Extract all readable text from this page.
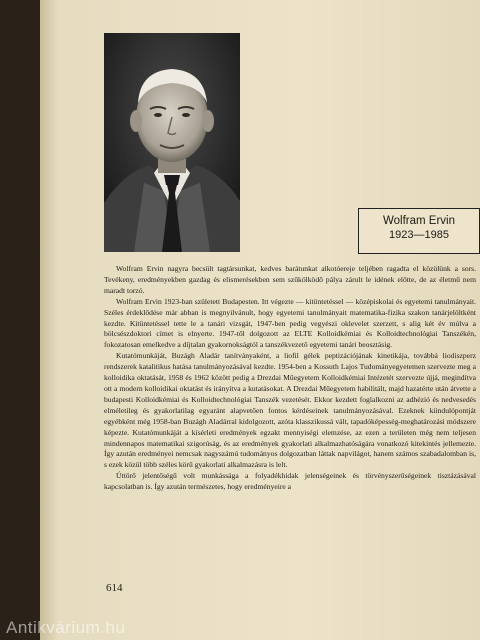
Wolfram Ervin
1923—1985

Wolfram Ervin nagyra becsült tagtársunkat, kedves barátunkat alkotóereje teljében ragadta el közülünk a sors. Tevékeny, eredményekben gazdag és elismerésekben sem szűkölködő pálya zárult le idének előtte, de az életmű nem maradt torzó.

Wolfram Ervin 1923-ban született Budapesten. Itt végezte — kitüntetéssel — középiskolai és egyetemi tanulmányait. Széles érdeklődése már abban is megnyilvánult, hogy egyetemi tanulmányait matematika-fizika szakon tanárjelöltként kezdte. Kitüntetéssel tette le a tanári vizsgát, 1947-ben pedig vegyészi oklevelet szerzett, s alig két év múlva a bölcsészdoktori címet is elnyerte. 1947-től dolgozott az ELTE Kolloidkémiai és Kolloidtechnológiai Tanszékén, fokozatosan emelkedve a díjtalan gyakornokságtól a tanszékvezető egyetemi tanári beosztásig.

Kutatómunkáját, Buzágh Aladár tanítványaként, a liofil gélek peptizációjának kinetikája, továbbá liodiszperz rendszerek katalitikus hatása tanulmányozásával kezdte. 1954-ben a Kossuth Lajos Tudományegyetemen szervezte meg a kolloidika oktatását, 1958 és 1962 között pedig a Drezdai Műegyetem Kolloidkémiai Intézetét szervezte újjá, megindítva ott a modern kolloidikai oktatást és irányítva a kutatásokat. A Drezdai Műegyetem habilitált, majd hazatérte után átvette a budapesti Kolloidkémiai és Kolloidtechnológiai Tanszék vezetését. Ekkor kezdett foglalkozni az adhézió és nedvesedés elméletileg és gyakorlatilag egyaránt alapvetően fontos kérdéseinek tanulmányozásával. Ezeknek kiindulópontját egyébként még 1958-ban Buzágh Aladárral kidolgozott, azóta klasszikussá vált, tapadóképesség-meghatározási módszere képezte. Kutatómunkáját a kísérleti eredmények egzakt mennyiségi elemzése, az ezen a területen még nem teljesen mindennapos matematikai szigorúság, és az eredmények gyakorlati alkalmazhatóságára vonatkozó kitekintés jellemezte. Így azután eredményei nemcsak nagyszámú tudományos dolgozatban láttak napvilágot, hanem számos szabadalomban is, s ezek közül több széles körű gyakorlati alkalmazásra is lelt.

Úttörő jelentőségű volt munkássága a folyadékhidak jelenségeinek és törvényszerűségeinek tisztázásával kapcsolatban is. Így azután természetes, hogy eredményeire a

614
Antikvárium.hu
